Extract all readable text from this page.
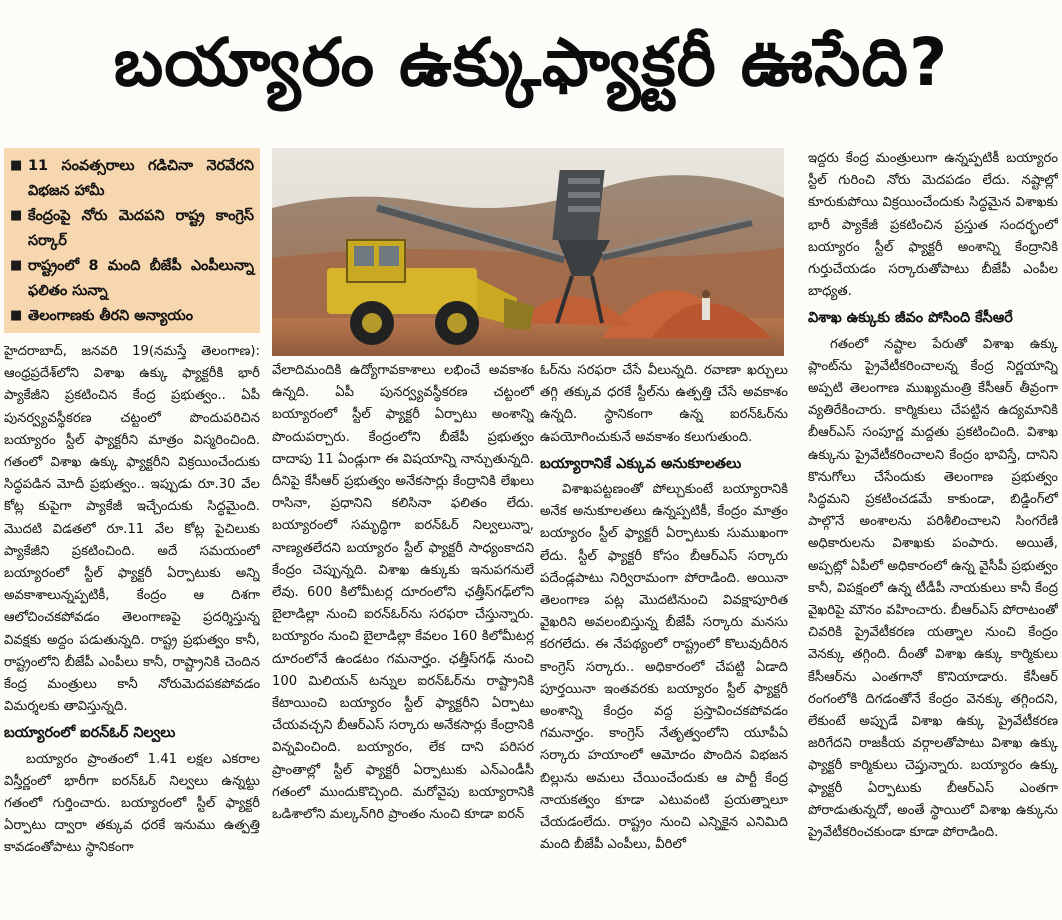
బయ్యారం ఉక్కుఫ్యాక్టరీ ఊసేది?
■ 11 సంవత్సరాలు గడిచినా నెరవేరని విభజన హామీ
■ కేంద్రంపై నోరు మెదపని రాష్ట్ర కాంగ్రెస్ సర్కార్
■ రాష్ట్రంలో 8 మంది బీజేపీ ఎంపీలున్నా ఫలితం సున్నా
■ తెలంగాణకు తీరని అన్యాయం

హైదరాబాద్, జనవరి 19(నమస్తే తెలంగాణ): ఆంధ్రప్రదేశ్‌లోని విశాఖ ఉక్కు ఫ్యాక్టరీకి భారీ ప్యాకేజీని ప్రకటించిన కేంద్ర ప్రభుత్వం.. ఏపీ పునర్వ్యవస్థీకరణ చట్టంలో పొందుపరిచిన బయ్యారం స్టీల్ ఫ్యాక్టరీని మాత్రం విస్మరించింది. గతంలో విశాఖ ఉక్కు ఫ్యాక్టరీని విక్రయించేందుకు సిద్ధపడిన మోదీ ప్రభుత్వం.. ఇప్పుడు రూ.30 వేల కోట్ల కుపైగా ప్యాకేజీ ఇచ్చేందుకు సిద్ధమైంది. మొదటి విడతలో రూ.11 వేల కోట్ల పైచిలుకు ప్యాకేజీని ప్రకటించింది. అదే సమయంలో బయ్యారంలో స్టీల్ ఫ్యాక్టరీ ఏర్పాటుకు అన్ని అవకాశాలున్నప్పటికీ, కేంద్రం ఆ దిశగా ఆలోచించకపోవడం తెలంగాణపై ప్రదర్శిస్తున్న వివక్షకు అద్దం పడుతున్నది. రాష్ట్ర ప్రభుత్వం కానీ, రాష్ట్రంలోని బీజేపీ ఎంపీలు కానీ, రాష్ట్రానికి చెందిన కేంద్ర మంత్రులు కానీ నోరుమెదపకపోవడం విమర్శలకు తావిస్తున్నది.

బయ్యారంలో ఐరన్‌ఓర్ నిల్వలు

బయ్యారం ప్రాంతంలో 1.41 లక్షల ఎకరాల విస్తీర్ణంలో భారీగా ఐరన్‌ఓర్ నిల్వలు ఉన్నట్టు గతంలో గుర్తించారు. బయ్యారంలో స్టీల్ ఫ్యాక్టరీ ఏర్పాటు ద్వారా తక్కువ ధరకే ఇనుము ఉత్పత్తి కావడంతోపాటు స్థానికంగా

వేలాదిమందికి ఉద్యోగావకాశాలు లభించే అవకాశం ఉన్నది. ఏపీ పునర్వ్యవస్థీకరణ చట్టంలో బయ్యారంలో స్టీల్ ఫ్యాక్టరీ ఏర్పాటు అంశాన్ని పొందుపర్చారు. కేంద్రంలోని బీజేపీ ప్రభుత్వం దాదాపు 11 ఏండ్లుగా ఈ విషయాన్ని నాన్చుతున్నది. దీనిపై కేసీఆర్ ప్రభుత్వం అనేకసార్లు కేంద్రానికి లేఖలు రాసినా, ప్రధానిని కలిసినా ఫలితం లేదు. బయ్యారంలో సమృద్ధిగా ఐరన్‌ఓర్ నిల్వలున్నా, నాణ్యతలేదని బయ్యారం స్టీల్ ఫ్యాక్టరీ సాధ్యంకాదని కేంద్రం చెప్పున్నది. విశాఖ ఉక్కుకు ఇనుపగనులే లేవు. 600 కిలోమీటర్ల దూరంలోని ఛత్తీస్‌గఢ్‌లోని బైలాడిల్లా నుంచి ఐరన్‌ఓర్‌ను సరఫరా చేస్తున్నారు. బయ్యారం నుంచి బైలాడిల్లా కేవలం 160 కిలోమీటర్ల దూరంలోనే ఉండటం గమనార్హం. ఛత్తీస్‌గఢ్ నుంచి 100 మిలియన్ టన్నుల ఐరన్‌ఓర్‌ను రాష్ట్రానికి కేటాయించి బయ్యారం స్టీల్ ఫ్యాక్టరీని ఏర్పాటు చేయవచ్చని బీఆర్‌ఎస్ సర్కారు అనేకసార్లు కేంద్రానికి విన్నవించింది. బయ్యారం, లేక దాని పరిసర ప్రాంతాల్లో స్టీల్ ఫ్యాక్టరీ ఏర్పాటుకు ఎన్‌ఎండీసీ గతంలో ముందుకొచ్చింది. మరోవైపు బయ్యారానికి ఒడిశాలోని మల్కన్‌గిరి ప్రాంతం నుంచి కూడా ఐరన్‌

ఓర్‌ను సరఫరా చేసే వీలున్నది. రవాణా ఖర్చులు తగ్గి తక్కువ ధరకే స్టీల్‌ను ఉత్పత్తి చేసే అవకాశం ఉన్నది. స్థానికంగా ఉన్న ఐరన్‌ఓర్‌ను ఉపయోగించుకునే అవకాశం కలుగుతుంది.

బయ్యారానికే ఎక్కువ అనుకూలతలు

విశాఖపట్టణంతో పోల్చుకుంటే బయ్యారానికి అనేక అనుకూలతలు ఉన్నప్పటికీ, కేంద్రం మాత్రం బయ్యారం స్టీల్ ఫ్యాక్టరీ ఏర్పాటుకు సుముఖంగా లేదు. స్టీల్ ఫ్యాక్టరీ కోసం బీఆర్‌ఎస్ సర్కారు పదేండ్లపాటు నిర్విరామంగా పోరాడింది. అయినా తెలంగాణ పట్ల మొదటినుంచి వివక్షాపూరిత వైఖరిని అవలంబిస్తున్న బీజేపీ సర్కారు మనసు కరగలేదు. ఈ నేపథ్యంలో రాష్ట్రంలో కొలువుదీరిన కాంగ్రెస్ సర్కారు.. అధికారంలో చేపట్టి ఏడాది పూర్తయినా ఇంతవరకు బయ్యారం స్టీల్ ఫ్యాక్టరీ అంశాన్ని కేంద్రం వద్ద ప్రస్తావించకపోవడం గమనార్హం. కాంగ్రెస్ నేతృత్వంలోని యూపీఏ సర్కారు హయాంలో ఆమోదం పొందిన విభజన బిల్లును అమలు చేయించేందుకు ఆ పార్టీ కేంద్ర నాయకత్వం కూడా ఎటువంటి ప్రయత్నాలూ చేయడంలేదు. రాష్ట్రం నుంచి ఎన్నికైన ఎనిమిది మంది బీజేపీ ఎంపీలు, వీరిలో

ఇద్దరు కేంద్ర మంత్రులుగా ఉన్నప్పటికీ బయ్యారం స్టీల్ గురించి నోరు మెదపడం లేదు. నష్టాల్లో కూరుకుపోయి విక్రయించేందుకు సిద్ధమైన విశాఖకు భారీ ప్యాకేజీ ప్రకటించిన ప్రస్తుత సందర్భంలో బయ్యారం స్టీల్ ఫ్యాక్టరీ అంశాన్ని కేంద్రానికి గుర్తుచేయడం సర్కారుతోపాటు బీజేపీ ఎంపీల బాధ్యత.

విశాఖ ఉక్కుకు జీవం పోసింది కేసీఆరే

గతంలో నష్టాల పేరుతో విశాఖ ఉక్కు ప్లాంట్‌ను ప్రైవేటీకరించాలన్న కేంద్ర నిర్ణయాన్ని అప్పటి తెలంగాణ ముఖ్యమంత్రి కేసీఆర్ తీవ్రంగా వ్యతిరేకించారు. కార్మికులు చేపట్టిన ఉద్యమానికి బీఆర్‌ఎస్ సంపూర్ణ మద్దతు ప్రకటించింది. విశాఖ ఉక్కును ప్రైవేటీకరించాలని కేంద్రం భావిస్తే, దానిని కొనుగోలు చేసేందుకు తెలంగాణ ప్రభుత్వం సిద్ధమని ప్రకటించడమే కాకుండా, బిడ్డింగ్‌లో పాల్గొనే అంశాలను పరిశీలించాలని సింగరేణి అధికారులను విశాఖకు పంపారు. అయితే, అప్పట్లో ఏపీలో అధికారంలో ఉన్న వైసీపీ ప్రభుత్వం కానీ, విపక్షంలో ఉన్న టీడీపీ నాయకులు కానీ కేంద్ర వైఖరిపై మౌనం వహించారు. బీఆర్‌ఎస్ పోరాటంతో చివరికి ప్రైవేటీకరణ యత్నాల నుంచి కేంద్రం వెనక్కు తగ్గింది. దీంతో విశాఖ ఉక్కు కార్మికులు కేసీఆర్‌ను ఎంతగానో కొనియాడారు. కేసీఆర్ రంగంలోకి దిగడంతోనే కేంద్రం వెనక్కు తగ్గిందని, లేకుంటే అప్పుడే విశాఖ ఉక్కు ప్రైవేటీకరణ జరిగేదని రాజకీయ వర్గాలతోపాటు విశాఖ ఉక్కు ఫ్యాక్టరీ కార్మికులు చెప్తున్నారు. బయ్యారం ఉక్కు ఫ్యాక్టరీ ఏర్పాటుకు బీఆర్‌ఎస్ ఎంతగా పోరాడుతున్నదో, అంతే స్థాయిలో విశాఖ ఉక్కును ప్రైవేటీకరించకుండా కూడా పోరాడింది.
